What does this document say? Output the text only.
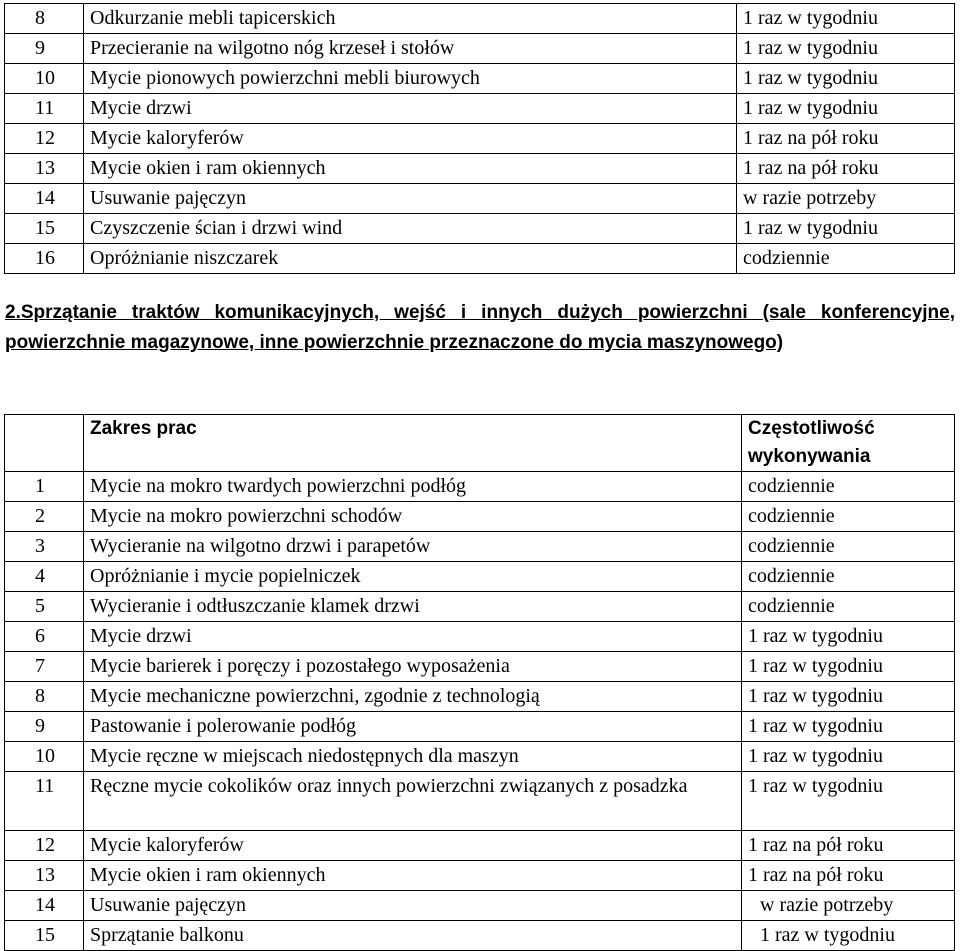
8	Odkurzanie mebli tapicerskich	1 raz w tygodniu
9	Przecieranie na wilgotno nóg krzeseł i stołów	1 raz w tygodniu
10	Mycie pionowych powierzchni mebli biurowych	1 raz w tygodniu
11	Mycie drzwi	1 raz w tygodniu
12	Mycie kaloryferów	1 raz na pół roku
13	Mycie okien i ram okiennych	1 raz na pół roku
14	Usuwanie pajęczyn	w razie potrzeby
15	Czyszczenie ścian i drzwi wind	1 raz w tygodniu
16	Opróżnianie niszczarek	codziennie
2.Sprzątanie traktów komunikacyjnych, wejść i innych dużych powierzchni (sale konferencyjne, powierzchnie magazynowe, inne powierzchnie przeznaczone do mycia maszynowego)
	Zakres prac	Częstotliwość wykonywania
1	Mycie na mokro twardych powierzchni podłóg	codziennie
2	Mycie na mokro powierzchni schodów	codziennie
3	Wycieranie na wilgotno drzwi i parapetów	codziennie
4	Opróżnianie i mycie popielniczek	codziennie
5	Wycieranie i odtłuszczanie klamek drzwi	codziennie
6	Mycie drzwi	1 raz w tygodniu
7	Mycie barierek i poręczy i pozostałego wyposażenia	1 raz w tygodniu
8	Mycie mechaniczne powierzchni, zgodnie z technologią	1 raz w tygodniu
9	Pastowanie i polerowanie podłóg	1 raz w tygodniu
10	Mycie ręczne w miejscach niedostępnych dla maszyn	1 raz w tygodniu
11	Ręczne mycie cokolików oraz innych powierzchni związanych z posadzka	1 raz w tygodniu
12	Mycie kaloryferów	1 raz na pół roku
13	Mycie okien i ram okiennych	1 raz na pół roku
14	Usuwanie pajęczyn	w razie potrzeby
15	Sprzątanie balkonu	1 raz w tygodniu
